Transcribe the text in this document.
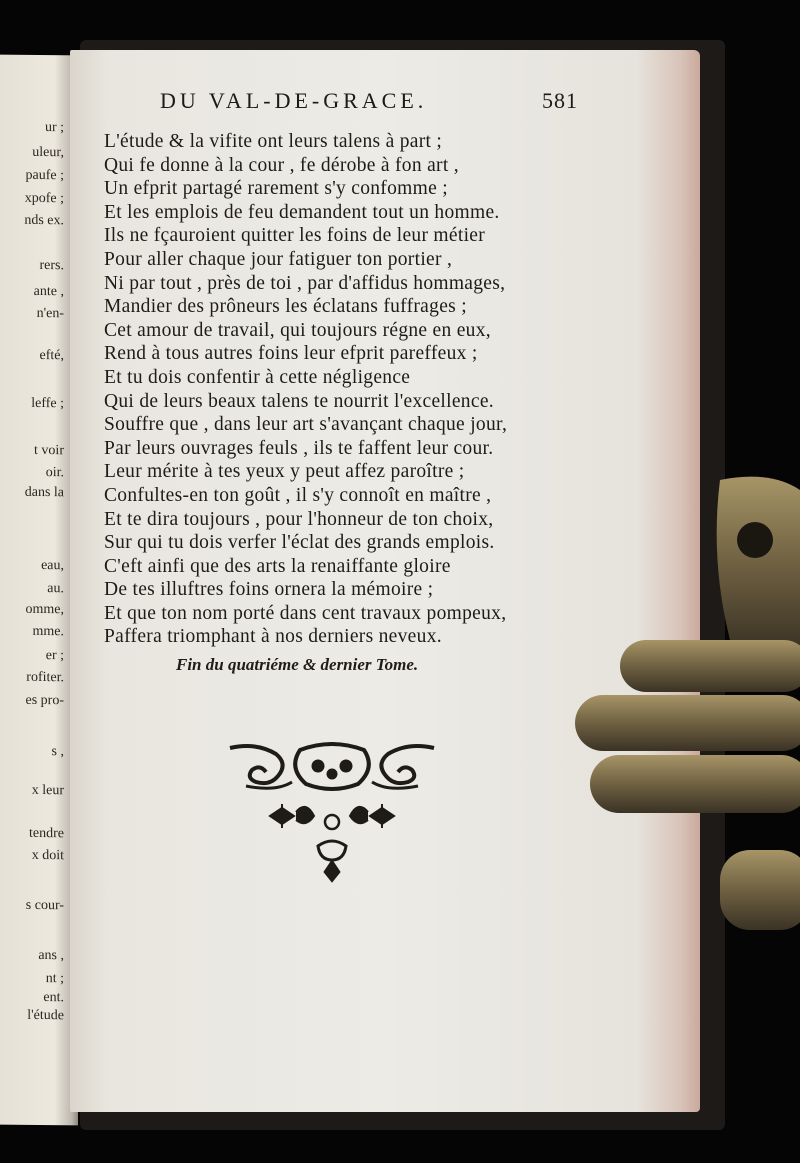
ur ;
uleur,
paufe ;
xpofe ;
nds ex.
rers.
ante ,
n'en-
efté,
leffe ;
t voir
oir.
dans la
eau,
au.
omme,
mme.
er ;
rofiter.
es pro-
s ,
x leur
tendre
x doit
s cour-
ans ,
nt ;
ent.
l'étude
DU VAL-DE-GRACE.	581
L'étude & la vifite ont leurs talens à part ;
Qui fe donne à la cour , fe dérobe à fon art ,
Un efprit partagé rarement s'y confomme ;
Et les emplois de feu demandent tout un homme.
Ils ne fçauroient quitter les foins de leur métier
Pour aller chaque jour fatiguer ton portier ,
Ni par tout , près de toi , par d'affidus hommages,
Mandier des prôneurs les éclatans fuffrages ;
Cet amour de travail, qui toujours régne en eux,
Rend à tous autres foins leur efprit pareffeux ;
Et tu dois confentir à cette négligence
Qui de leurs beaux talens te nourrit l'excellence.
Souffre que , dans leur art s'avançant chaque jour,
Par leurs ouvrages feuls , ils te faffent leur cour.
Leur mérite à tes yeux y peut affez paroître ;
Confultes-en ton goût , il s'y connoît en maître ,
Et te dira toujours , pour l'honneur de ton choix,
Sur qui tu dois verfer l'éclat des grands emplois.
C'eft ainfi que des arts la renaiffante gloire
De tes illuftres foins ornera la mémoire ;
Et que ton nom porté dans cent travaux pompeux,
Paffera triomphant à nos derniers neveux.
Fin du quatriéme & dernier Tome.
